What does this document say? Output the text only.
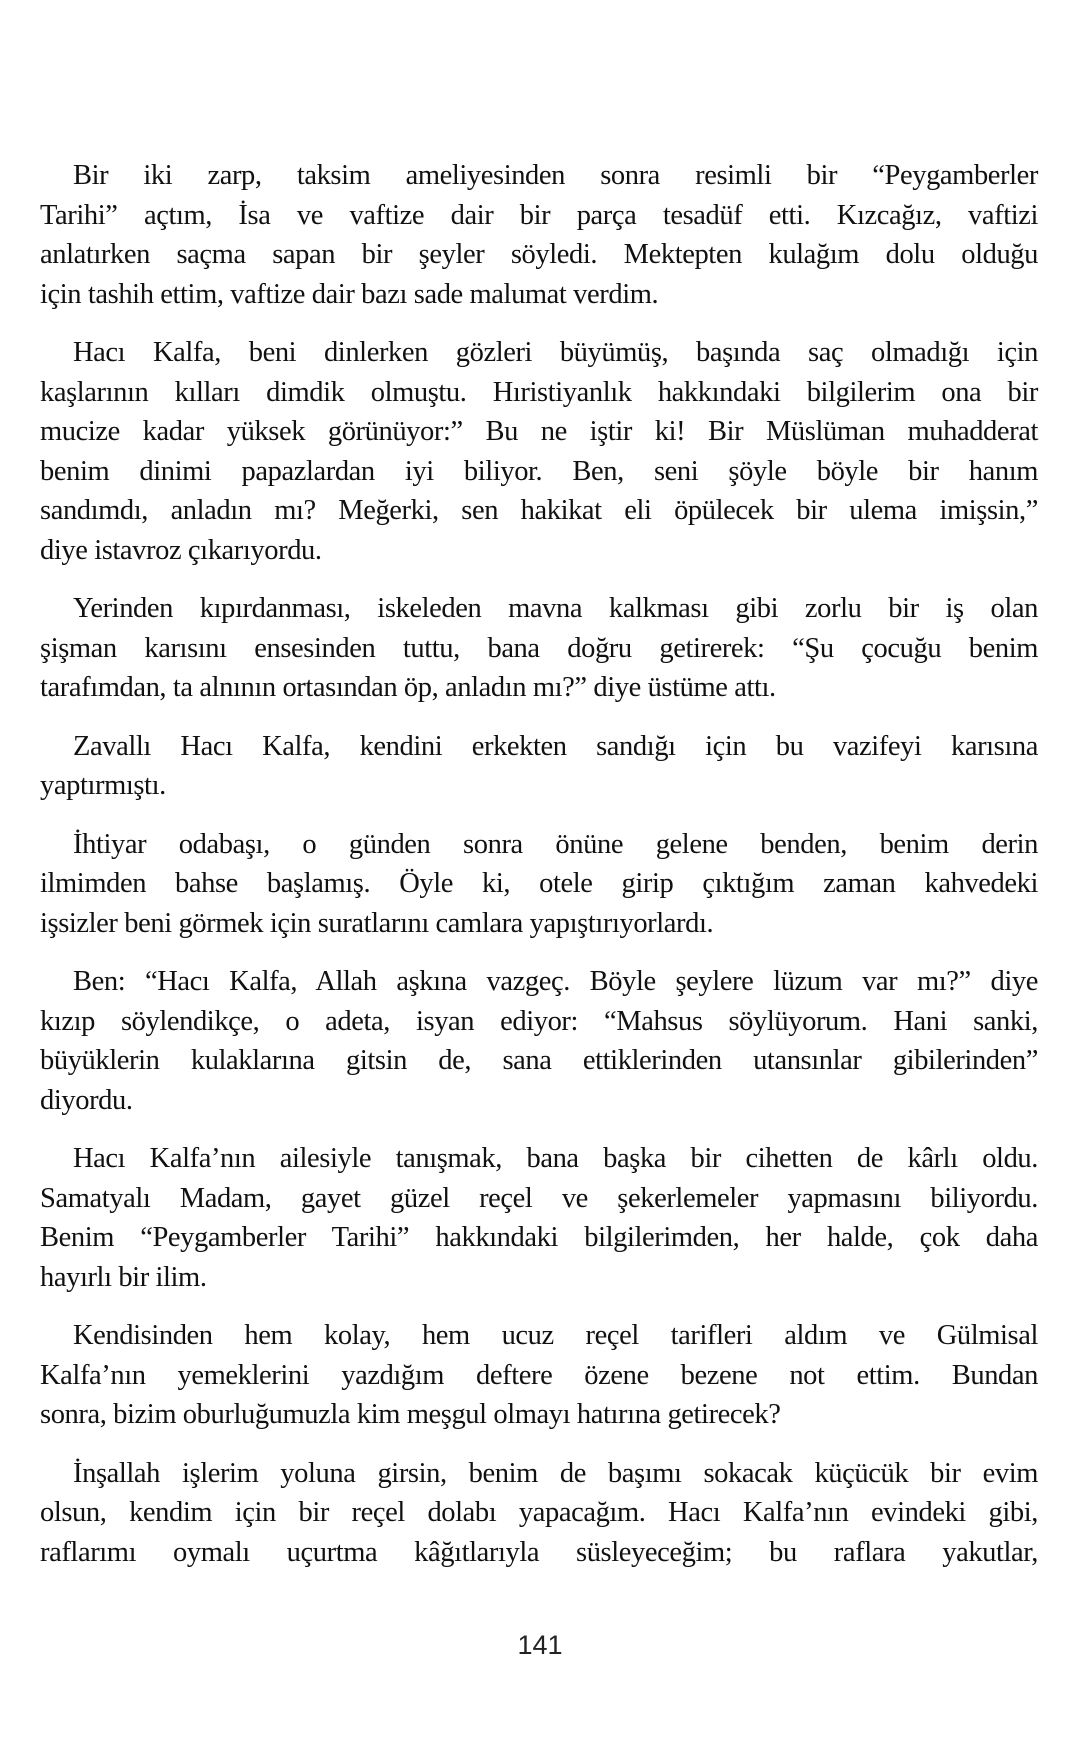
Bir iki zarp, taksim ameliyesinden sonra resimli bir “Peygamberler
Tarihi” açtım, İsa ve vaftize dair bir parça tesadüf etti. Kızcağız, vaftizi
anlatırken saçma sapan bir şeyler söyledi. Mektepten kulağım dolu olduğu
için tashih ettim, vaftize dair bazı sade malumat verdim.
Hacı Kalfa, beni dinlerken gözleri büyümüş, başında saç olmadığı için
kaşlarının kılları dimdik olmuştu. Hıristiyanlık hakkındaki bilgilerim ona bir
mucize kadar yüksek görünüyor:” Bu ne iştir ki! Bir Müslüman muhadderat
benim dinimi papazlardan iyi biliyor. Ben, seni şöyle böyle bir hanım
sandımdı, anladın mı? Meğerki, sen hakikat eli öpülecek bir ulema imişsin,”
diye istavroz çıkarıyordu.
Yerinden kıpırdanması, iskeleden mavna kalkması gibi zorlu bir iş olan
şişman karısını ensesinden tuttu, bana doğru getirerek: “Şu çocuğu benim
tarafımdan, ta alnının ortasından öp, anladın mı?” diye üstüme attı.
Zavallı Hacı Kalfa, kendini erkekten sandığı için bu vazifeyi karısına
yaptırmıştı.
İhtiyar odabaşı, o günden sonra önüne gelene benden, benim derin
ilmimden bahse başlamış. Öyle ki, otele girip çıktığım zaman kahvedeki
işsizler beni görmek için suratlarını camlara yapıştırıyorlardı.
Ben: “Hacı Kalfa, Allah aşkına vazgeç. Böyle şeylere lüzum var mı?” diye
kızıp söylendikçe, o adeta, isyan ediyor: “Mahsus söylüyorum. Hani sanki,
büyüklerin kulaklarına gitsin de, sana ettiklerinden utansınlar gibilerinden”
diyordu.
Hacı Kalfa’nın ailesiyle tanışmak, bana başka bir cihetten de kârlı oldu.
Samatyalı Madam, gayet güzel reçel ve şekerlemeler yapmasını biliyordu.
Benim “Peygamberler Tarihi” hakkındaki bilgilerimden, her halde, çok daha
hayırlı bir ilim.
Kendisinden hem kolay, hem ucuz reçel tarifleri aldım ve Gülmisal
Kalfa’nın yemeklerini yazdığım deftere özene bezene not ettim. Bundan
sonra, bizim oburluğumuzla kim meşgul olmayı hatırına getirecek?
İnşallah işlerim yoluna girsin, benim de başımı sokacak küçücük bir evim
olsun, kendim için bir reçel dolabı yapacağım. Hacı Kalfa’nın evindeki gibi,
raflarımı oymalı uçurtma kâğıtlarıyla süsleyeceğim; bu raflara yakutlar,
141
